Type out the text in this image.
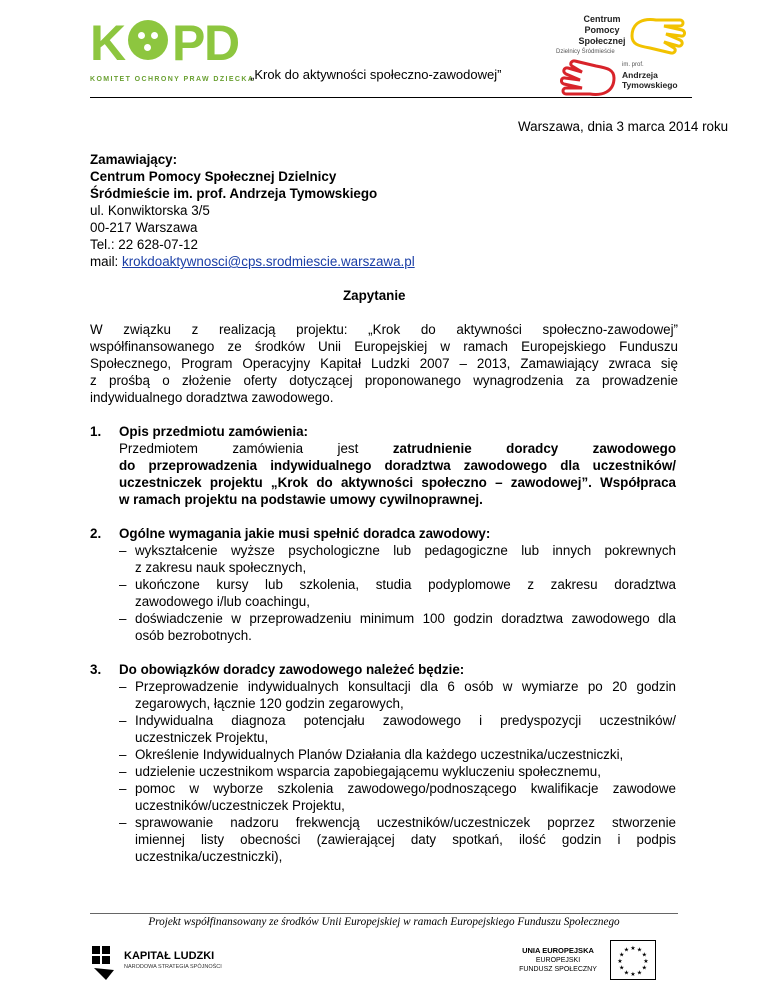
K P
D
KOMITET OCHRONY PRAW DZIECKA
„Krok do aktywności społeczno-zawodowej”
Centrum
Pomocy
Społecznej
Dzielnicy Śródmieście
im. prof.
Andrzeja
Tymowskiego
Warszawa, dnia 3 marca 2014 roku
Zamawiający:
Centrum Pomocy Społecznej Dzielnicy
Śródmieście im. prof. Andrzeja Tymowskiego
ul. Konwiktorska 3/5
00-217 Warszawa
Tel.: 22 628-07-12
mail: krokdoaktywnosci@cps.srodmiescie.warszawa.pl
Zapytanie
W związku z realizacją projektu: „Krok do aktywności społeczno-zawodowej”
współfinansowanego ze środków Unii Europejskiej w ramach Europejskiego Funduszu
Społecznego, Program Operacyjny Kapitał Ludzki 2007 – 2013, Zamawiający zwraca się
z prośbą o złożenie oferty dotyczącej proponowanego wynagrodzenia za prowadzenie
indywidualnego doradztwa zawodowego.
1. Opis przedmiotu zamówienia:
Przedmiotem zamówienia jest	zatrudnienie doradcy zawodowego
do przeprowadzenia indywidualnego doradztwa zawodowego dla uczestników/
uczestniczek projektu „Krok do aktywności społeczno – zawodowej”. Współpraca
w ramach projektu na podstawie umowy cywilnoprawnej.
2. Ogólne wymagania jakie musi spełnić doradca zawodowy:
– wykształcenie wyższe psychologiczne lub pedagogiczne lub innych pokrewnych
z zakresu nauk społecznych,
– ukończone kursy lub szkolenia, studia podyplomowe z zakresu doradztwa
zawodowego i/lub coachingu,
– doświadczenie w przeprowadzeniu minimum 100 godzin doradztwa zawodowego dla
osób bezrobotnych.
3. Do obowiązków doradcy zawodowego należeć będzie:
– Przeprowadzenie indywidualnych konsultacji dla 6 osób w wymiarze po 20 godzin
zegarowych, łącznie 120 godzin zegarowych,
– Indywidualna diagnoza potencjału zawodowego i predyspozycji uczestników/
uczestniczek Projektu,
– Określenie Indywidualnych Planów Działania dla każdego uczestnika/uczestniczki,
– udzielenie uczestnikom wsparcia zapobiegającemu wykluczeniu społecznemu,
– pomoc w wyborze szkolenia zawodowego/podnoszącego kwalifikacje zawodowe
uczestników/uczestniczek Projektu,
– sprawowanie nadzoru frekwencją uczestników/uczestniczek poprzez stworzenie
imiennej listy obecności (zawierającej daty spotkań, ilość godzin i podpis
uczestnika/uczestniczki),
Projekt współfinansowany ze środków Unii Europejskiej w ramach Europejskiego Funduszu Społecznego
KAPITAŁ LUDZKI
NARODOWA STRATEGIA SPÓJNOŚCI
UNIA EUROPEJSKA
EUROPEJSKI
FUNDUSZ SPOŁECZNY
★
★
★
★
★
★
★
★
★ ★ ★
★
